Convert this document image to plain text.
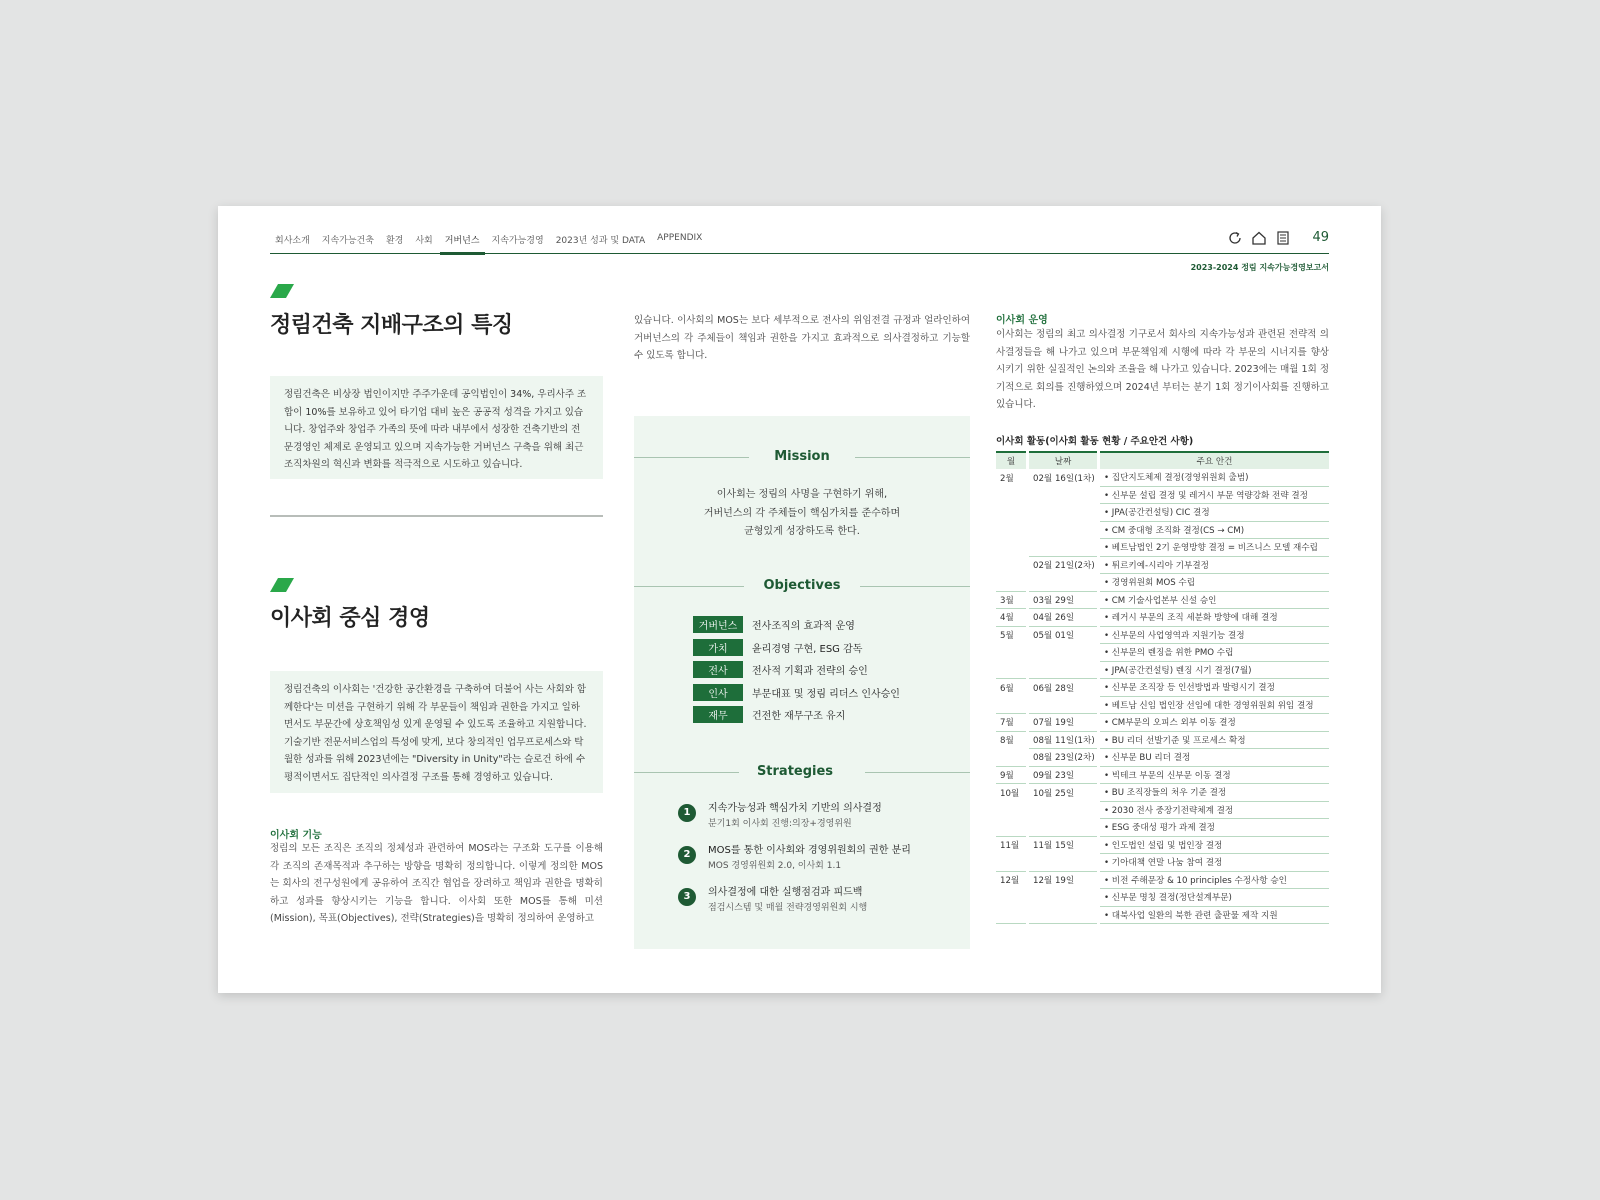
회사소개 지속가능건축 환경 사회 거버넌스 지속가능경영 2023년 성과 및 DATA APPENDIX	49
2023-2024 정림 지속가능경영보고서
정림건축 지배구조의 특징
정림건축은 비상장 법인이지만 주주가운데 공익법인이 34%, 우리사주 조합이 10%를 보유하고 있어 타기업 대비 높은 공공적 성격을 가지고 있습니다. 창업주와 창업주 가족의 뜻에 따라 내부에서 성장한 건축기반의 전문경영인 체제로 운영되고 있으며 지속가능한 거버넌스 구축을 위해 최근 조직차원의 혁신과 변화를 적극적으로 시도하고 있습니다.
이사회 중심 경영
정림건축의 이사회는 '건강한 공간환경을 구축하여 더불어 사는 사회와 함께한다'는 미션을 구현하기 위해 각 부문들이 책임과 권한을 가지고 일하면서도 부문간에 상호책임성 있게 운영될 수 있도록 조율하고 지원합니다. 기술기반 전문서비스업의 특성에 맞게, 보다 창의적인 업무프로세스와 탁월한 성과를 위해 2023년에는 "Diversity in Unity"라는 슬로건 하에 수평적이면서도 집단적인 의사결정 구조를 통해 경영하고 있습니다.
이사회 기능
정림의 모든 조직은 조직의 정체성과 관련하여 MOS라는 구조화 도구를 이용해 각 조직의 존재목적과 추구하는 방향을 명확히 정의합니다. 이렇게 정의한 MOS는 회사의 전구성원에게 공유하여 조직간 협업을 장려하고 책임과 권한을 명확히 하고 성과를 향상시키는 기능을 합니다. 이사회 또한 MOS를 통해 미션(Mission), 목표(Objectives), 전략(Strategies)을 명확히 정의하여 운영하고
있습니다. 이사회의 MOS는 보다 세부적으로 전사의 위임전결 규정과 얼라인하여 거버넌스의 각 주체들이 책임과 권한을 가지고 효과적으로 의사결정하고 기능할 수 있도록 합니다.
Mission
이사회는 정림의 사명을 구현하기 위해,
거버넌스의 각 주체들이 핵심가치를 준수하며
균형있게 성장하도록 한다.
Objectives
거버넌스	전사조직의 효과적 운영
가치	윤리경영 구현, ESG 감독
전사	전사적 기획과 전략의 승인
인사	부문대표 및 정림 리더스 인사승인
재무	건전한 재무구조 유지
Strategies
1	지속가능성과 핵심가치 기반의 의사결정
분기1회 이사회 진행:의장+경영위원
2	MOS를 통한 이사회와 경영위원회의 권한 분리
MOS 경영위원회 2.0, 이사회 1.1
3	의사결정에 대한 실행점검과 피드백
점검시스템 및 매월 전략경영위원회 시행
이사회 운영
이사회는 정림의 최고 의사결정 기구로서 회사의 지속가능성과 관련된 전략적 의사결정들을 해 나가고 있으며 부문책임제 시행에 따라 각 부문의 시너지를 향상시키기 위한 실질적인 논의와 조율을 해 나가고 있습니다. 2023에는 매월 1회 정기적으로 회의를 진행하였으며 2024년 부터는 분기 1회 정기이사회를 진행하고 있습니다.
이사회 활동(이사회 활동 현황 / 주요안건 사항)
월	날짜	주요 안건
2월	02월 16일(1차)	• 집단지도체제 결정(경영위원회 출범)
		• 신부문 설립 결정 및 레거시 부문 역량강화 전략 결정
		• JPA(공간컨설팅) CIC 결정
		• CM 중대형 조직화 결정(CS → CM)
		• 베트남법인 2기 운영방향 결정 = 비즈니스 모델 재수립
	02월 21일(2차)	• 튀르키예-시리아 기부결정
		• 경영위원회 MOS 수립
3월	03월 29일	• CM 기술사업본부 신설 승인
4월	04월 26일	• 레거시 부문의 조직 세분화 방향에 대해 결정
5월	05월 01일	• 신부문의 사업영역과 지원기능 결정
		• 신부문의 렌징을 위한 PMO 수립
		• JPA(공간컨설팅) 렌징 시기 결정(7월)
6월	06월 28일	• 신부문 조직장 등 인선방법과 발령시기 결정
		• 베트남 신임 법인장 선임에 대한 경영위원회 위임 결정
7월	07월 19일	• CM부문의 오피스 외부 이동 결정
8월	08월 11일(1차)	• BU 리더 선발기준 및 프로세스 확정
	08월 23일(2차)	• 신부문 BU 리더 결정
9월	09월 23일	• 빅테크 부문의 신부문 이동 결정
10월	10월 25일	• BU 조직장들의 처우 기준 결정
		• 2030 전사 중장기전략체계 결정
		• ESG 중대성 평가 과제 결정
11월	11월 15일	• 인도법인 설립 및 법인장 결정
		• 기아대책 연말 나눔 참여 결정
12월	12월 19일	• 비전 주해문장 & 10 principles 수정사항 승인
		• 신부문 명칭 결정(정단설계부문)
		• 대북사업 일환의 북한 관련 출판물 제작 지원
